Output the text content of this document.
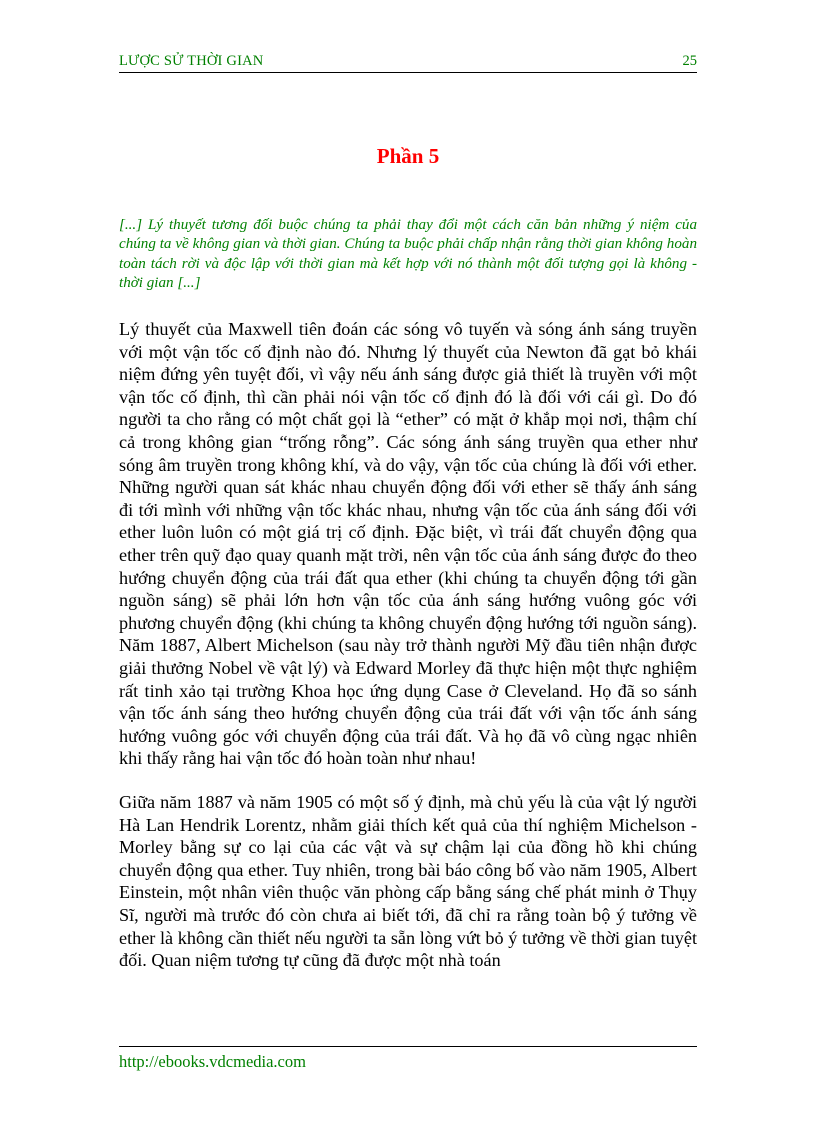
LƯỢC SỬ THỜI GIAN	25
Phần 5

[...] Lý thuyết tương đối buộc chúng ta phải thay đổi một cách căn bản những ý niệm của chúng ta về không gian và thời gian. Chúng ta buộc phải chấp nhận rằng thời gian không hoàn toàn tách rời và độc lập với thời gian mà kết hợp với nó thành một đối tượng gọi là không - thời gian [...]

Lý thuyết của Maxwell tiên đoán các sóng vô tuyến và sóng ánh sáng truyền với một vận tốc cố định nào đó. Nhưng lý thuyết của Newton đã gạt bỏ khái niệm đứng yên tuyệt đối, vì vậy nếu ánh sáng được giả thiết là truyền với một vận tốc cố định, thì cần phải nói vận tốc cố định đó là đối với cái gì. Do đó người ta cho rằng có một chất gọi là “ether” có mặt ở khắp mọi nơi, thậm chí cả trong không gian “trống rỗng”. Các sóng ánh sáng truyền qua ether như sóng âm truyền trong không khí, và do vậy, vận tốc của chúng là đối với ether. Những người quan sát khác nhau chuyển động đối với ether sẽ thấy ánh sáng đi tới mình với những vận tốc khác nhau, nhưng vận tốc của ánh sáng đối với ether luôn luôn có một giá trị cố định. Đặc biệt, vì trái đất chuyển động qua ether trên quỹ đạo quay quanh mặt trời, nên vận tốc của ánh sáng được đo theo hướng chuyển động của trái đất qua ether (khi chúng ta chuyển động tới gần nguồn sáng) sẽ phải lớn hơn vận tốc của ánh sáng hướng vuông góc với phương chuyển động (khi chúng ta không chuyển động hướng tới nguồn sáng). Năm 1887, Albert Michelson (sau này trở thành người Mỹ đầu tiên nhận được giải thưởng Nobel về vật lý) và Edward Morley đã thực hiện một thực nghiệm rất tinh xảo tại trường Khoa học ứng dụng Case ở Cleveland. Họ đã so sánh vận tốc ánh sáng theo hướng chuyển động của trái đất với vận tốc ánh sáng hướng vuông góc với chuyển động của trái đất. Và họ đã vô cùng ngạc nhiên khi thấy rằng hai vận tốc đó hoàn toàn như nhau!

Giữa năm 1887 và năm 1905 có một số ý định, mà chủ yếu là của vật lý người Hà Lan Hendrik Lorentz, nhằm giải thích kết quả của thí nghiệm Michelson - Morley bằng sự co lại của các vật và sự chậm lại của đồng hồ khi chúng chuyển động qua ether. Tuy nhiên, trong bài báo công bố vào năm 1905, Albert Einstein, một nhân viên thuộc văn phòng cấp bằng sáng chế phát minh ở Thụy Sĩ, người mà trước đó còn chưa ai biết tới, đã chỉ ra rằng toàn bộ ý tưởng về ether là không cần thiết nếu người ta sẵn lòng vứt bỏ ý tưởng về thời gian tuyệt đối. Quan niệm tương tự cũng đã được một nhà toán

http://ebooks.vdcmedia.com
